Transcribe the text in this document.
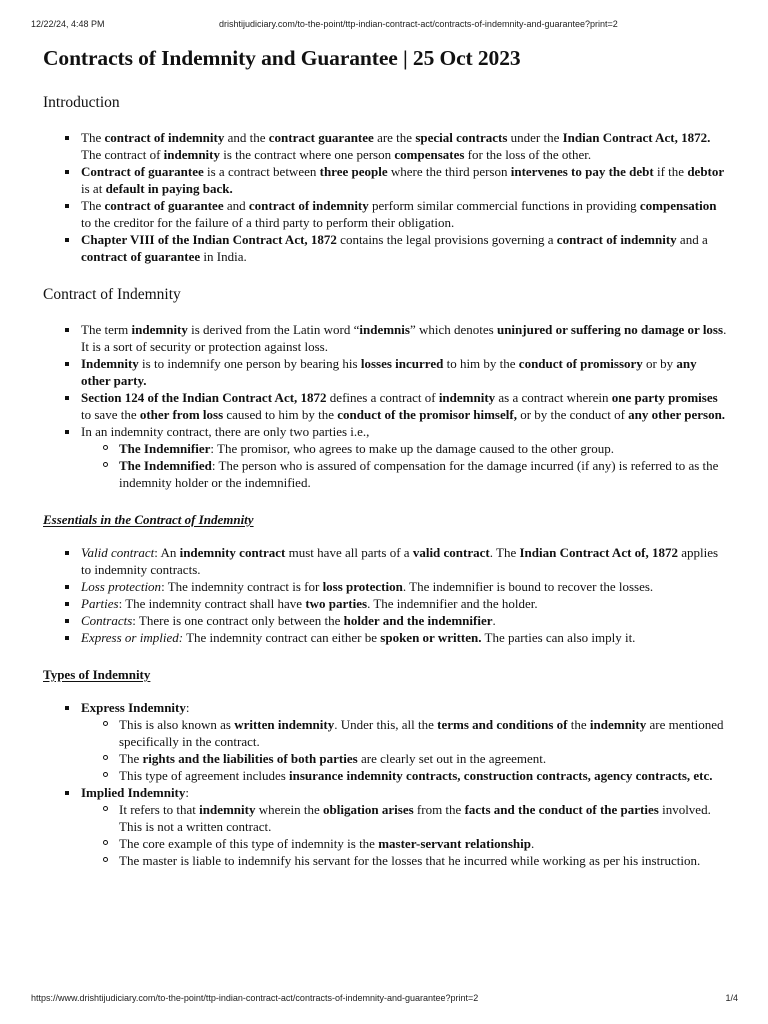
12/22/24, 4:48 PM	drishtijudiciary.com/to-the-point/ttp-indian-contract-act/contracts-of-indemnity-and-guarantee?print=2
Contracts of Indemnity and Guarantee | 25 Oct 2023
Introduction
The contract of indemnity and the contract guarantee are the special contracts under the Indian Contract Act, 1872. The contract of indemnity is the contract where one person compensates for the loss of the other.
Contract of guarantee is a contract between three people where the third person intervenes to pay the debt if the debtor is at default in paying back.
The contract of guarantee and contract of indemnity perform similar commercial functions in providing compensation to the creditor for the failure of a third party to perform their obligation.
Chapter VIII of the Indian Contract Act, 1872 contains the legal provisions governing a contract of indemnity and a contract of guarantee in India.
Contract of Indemnity
The term indemnity is derived from the Latin word “indemnis” which denotes uninjured or suffering no damage or loss. It is a sort of security or protection against loss.
Indemnity is to indemnify one person by bearing his losses incurred to him by the conduct of promissory or by any other party.
Section 124 of the Indian Contract Act, 1872 defines a contract of indemnity as a contract wherein one party promises to save the other from loss caused to him by the conduct of the promisor himself, or by the conduct of any other person.
In an indemnity contract, there are only two parties i.e.,
The Indemnifier: The promisor, who agrees to make up the damage caused to the other group.
The Indemnified: The person who is assured of compensation for the damage incurred (if any) is referred to as the indemnity holder or the indemnified.
Essentials in the Contract of Indemnity
Valid contract: An indemnity contract must have all parts of a valid contract. The Indian Contract Act of, 1872 applies to indemnity contracts.
Loss protection: The indemnity contract is for loss protection. The indemnifier is bound to recover the losses.
Parties: The indemnity contract shall have two parties. The indemnifier and the holder.
Contracts: There is one contract only between the holder and the indemnifier.
Express or implied: The indemnity contract can either be spoken or written. The parties can also imply it.
Types of Indemnity
Express Indemnity:
This is also known as written indemnity. Under this, all the terms and conditions of the indemnity are mentioned specifically in the contract.
The rights and the liabilities of both parties are clearly set out in the agreement.
This type of agreement includes insurance indemnity contracts, construction contracts, agency contracts, etc.
Implied Indemnity:
It refers to that indemnity wherein the obligation arises from the facts and the conduct of the parties involved. This is not a written contract.
The core example of this type of indemnity is the master-servant relationship.
The master is liable to indemnify his servant for the losses that he incurred while working as per his instruction.
https://www.drishtijudiciary.com/to-the-point/ttp-indian-contract-act/contracts-of-indemnity-and-guarantee?print=2	1/4
